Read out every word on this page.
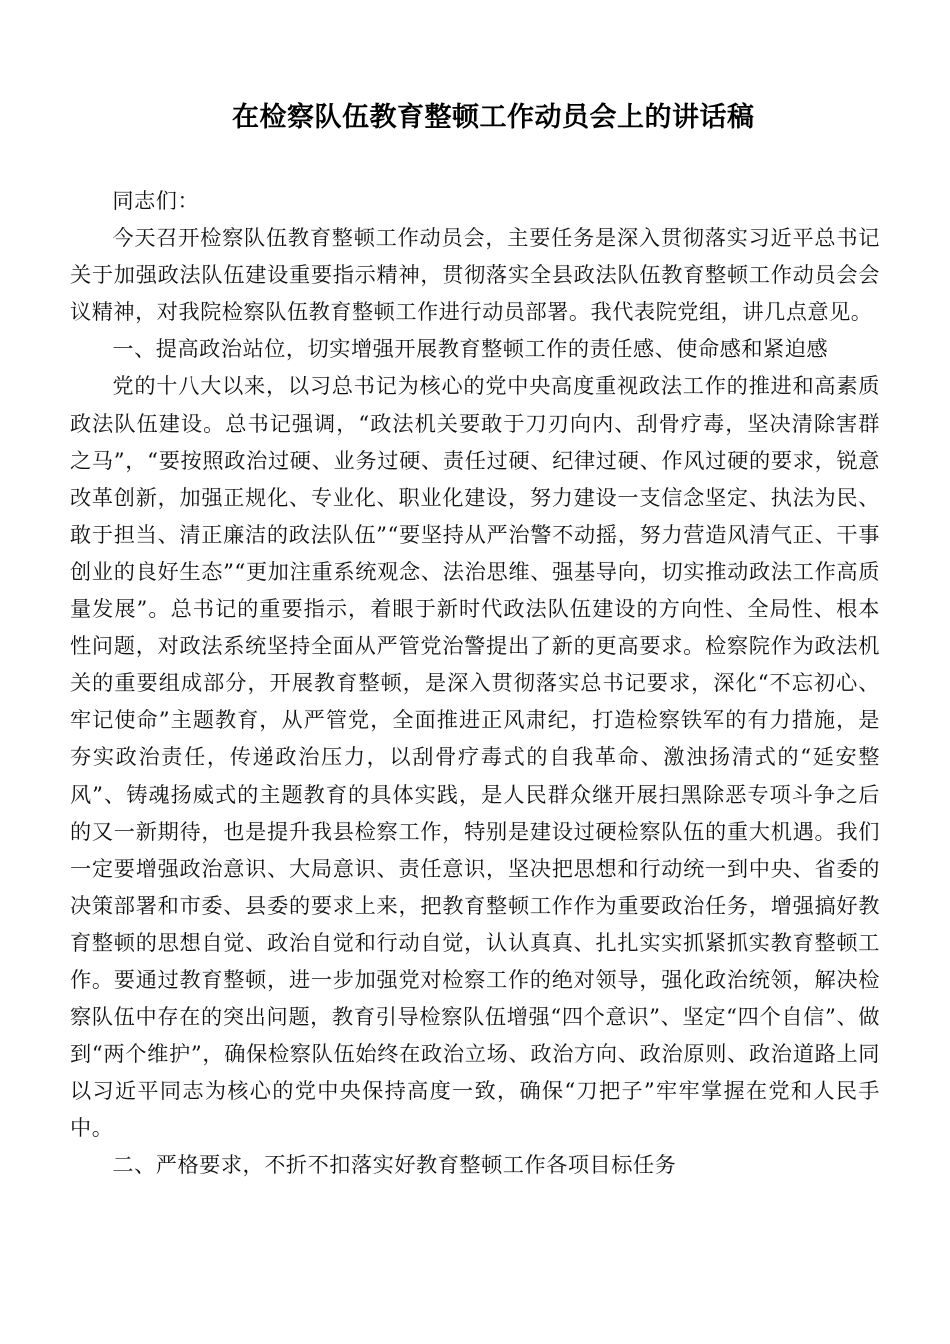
在检察队伍教育整顿工作动员会上的讲话稿

同志们：

今天召开检察队伍教育整顿工作动员会，主要任务是深入贯彻落实习近平总书记关于加强政法队伍建设重要指示精神，贯彻落实全县政法队伍教育整顿工作动员会会议精神，对我院检察队伍教育整顿工作进行动员部署。我代表院党组，讲几点意见。

一、提高政治站位，切实增强开展教育整顿工作的责任感、使命感和紧迫感

党的十八大以来，以习总书记为核心的党中央高度重视政法工作的推进和高素质政法队伍建设。总书记强调，“政法机关要敢于刀刃向内、刮骨疗毒，坚决清除害群之马”，“要按照政治过硬、业务过硬、责任过硬、纪律过硬、作风过硬的要求，锐意改革创新，加强正规化、专业化、职业化建设，努力建设一支信念坚定、执法为民、敢于担当、清正廉洁的政法队伍”“要坚持从严治警不动摇，努力营造风清气正、干事创业的良好生态”“更加注重系统观念、法治思维、强基导向，切实推动政法工作高质量发展”。总书记的重要指示，着眼于新时代政法队伍建设的方向性、全局性、根本性问题，对政法系统坚持全面从严管党治警提出了新的更高要求。检察院作为政法机关的重要组成部分，开展教育整顿，是深入贯彻落实总书记要求，深化“不忘初心、牢记使命”主题教育，从严管党，全面推进正风肃纪，打造检察铁军的有力措施，是夯实政治责任，传递政治压力，以刮骨疗毒式的自我革命、激浊扬清式的“延安整风”、铸魂扬威式的主题教育的具体实践，是人民群众继开展扫黑除恶专项斗争之后的又一新期待，也是提升我县检察工作，特别是建设过硬检察队伍的重大机遇。我们一定要增强政治意识、大局意识、责任意识，坚决把思想和行动统一到中央、省委的决策部署和市委、县委的要求上来，把教育整顿工作作为重要政治任务，增强搞好教育整顿的思想自觉、政治自觉和行动自觉，认认真真、扎扎实实抓紧抓实教育整顿工作。要通过教育整顿，进一步加强党对检察工作的绝对领导，强化政治统领，解决检察队伍中存在的突出问题，教育引导检察队伍增强“四个意识”、坚定“四个自信”、做到“两个维护”，确保检察队伍始终在政治立场、政治方向、政治原则、政治道路上同以习近平同志为核心的党中央保持高度一致，确保“刀把子”牢牢掌握在党和人民手中。

二、严格要求，不折不扣落实好教育整顿工作各项目标任务
